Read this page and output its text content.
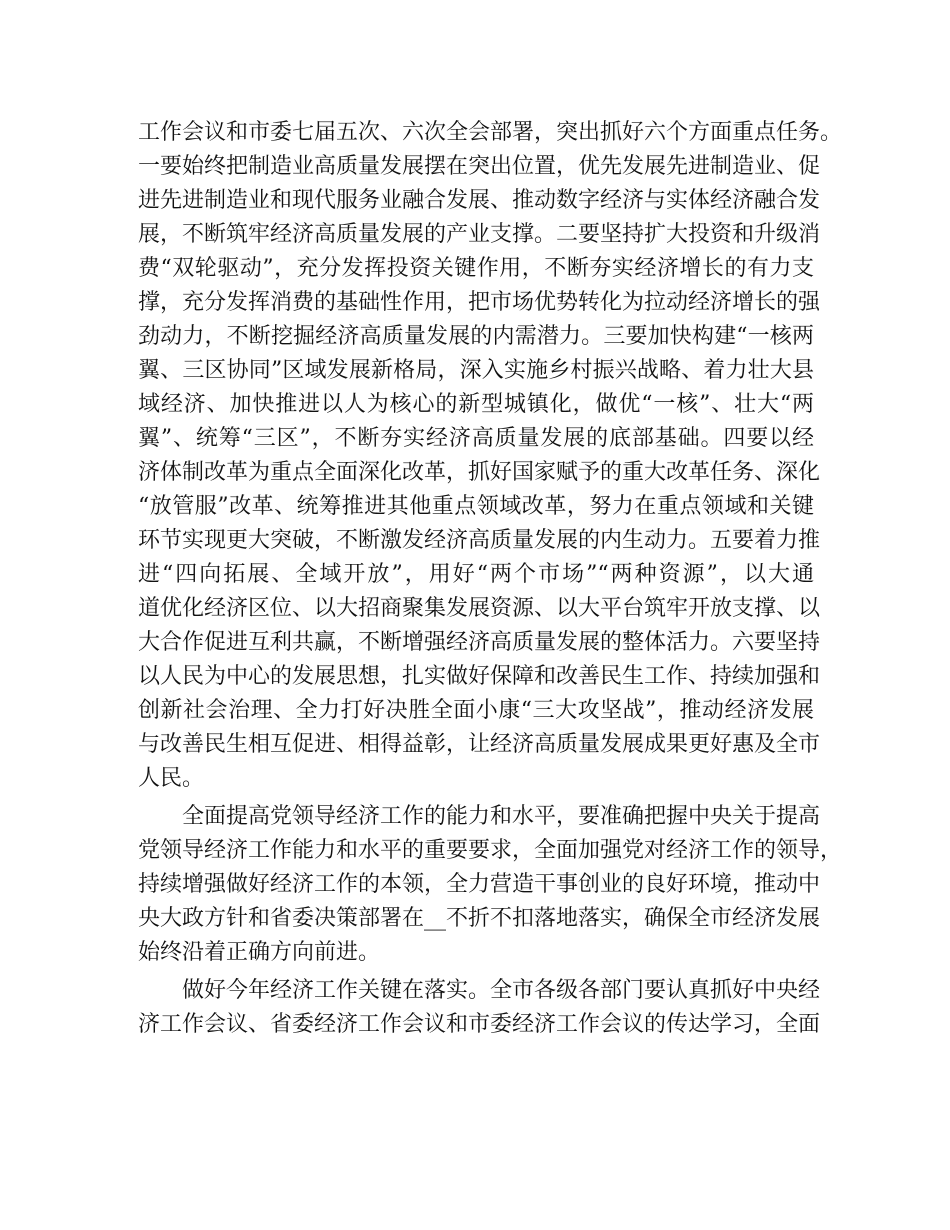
工作会议和市委七届五次、六次全会部署，突出抓好六个方面重点任务。
一要始终把制造业高质量发展摆在突出位置，优先发展先进制造业、促
进先进制造业和现代服务业融合发展、推动数字经济与实体经济融合发
展，不断筑牢经济高质量发展的产业支撑。二要坚持扩大投资和升级消
费“双轮驱动”，充分发挥投资关键作用，不断夯实经济增长的有力支
撑，充分发挥消费的基础性作用，把市场优势转化为拉动经济增长的强
劲动力，不断挖掘经济高质量发展的内需潜力。三要加快构建“一核两
翼、三区协同”区域发展新格局，深入实施乡村振兴战略、着力壮大县
域经济、加快推进以人为核心的新型城镇化，做优“一核”、壮大“两
翼”、统筹“三区”，不断夯实经济高质量发展的底部基础。四要以经
济体制改革为重点全面深化改革，抓好国家赋予的重大改革任务、深化
“放管服”改革、统筹推进其他重点领域改革，努力在重点领域和关键
环节实现更大突破，不断激发经济高质量发展的内生动力。五要着力推
进“四向拓展、全域开放”，用好“两个市场”“两种资源”，以大通
道优化经济区位、以大招商聚集发展资源、以大平台筑牢开放支撑、以
大合作促进互利共赢，不断增强经济高质量发展的整体活力。六要坚持
以人民为中心的发展思想，扎实做好保障和改善民生工作、持续加强和
创新社会治理、全力打好决胜全面小康“三大攻坚战”，推动经济发展
与改善民生相互促进、相得益彰，让经济高质量发展成果更好惠及全市
人民。
全面提高党领导经济工作的能力和水平，要准确把握中央关于提高
党领导经济工作能力和水平的重要要求，全面加强党对经济工作的领导，
持续增强做好经济工作的本领，全力营造干事创业的良好环境，推动中
央大政方针和省委决策部署在__不折不扣落地落实，确保全市经济发展
始终沿着正确方向前进。
做好今年经济工作关键在落实。全市各级各部门要认真抓好中央经
济工作会议、省委经济工作会议和市委经济工作会议的传达学习，全面
